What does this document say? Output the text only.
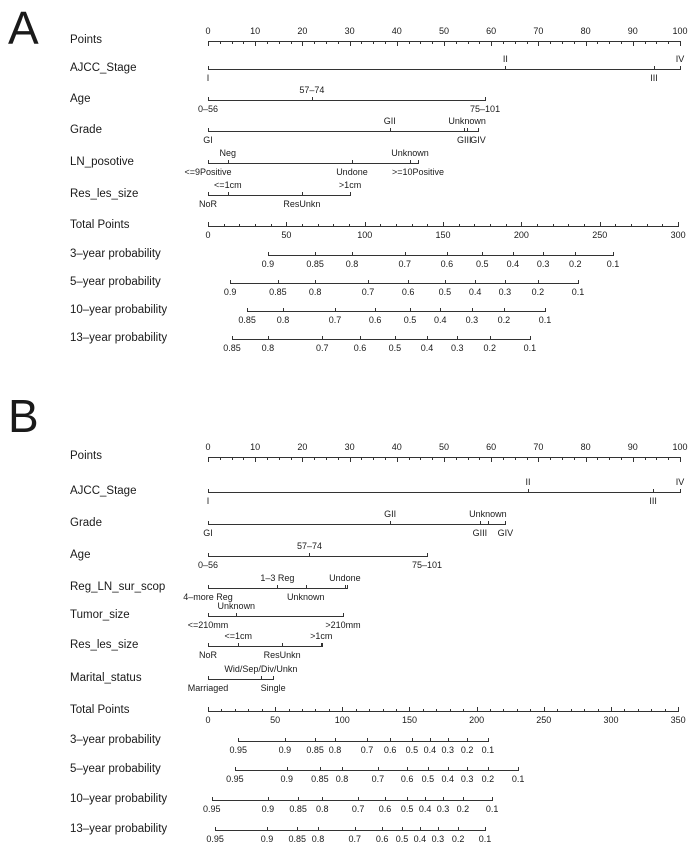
A
B
Points
0	10	20	30	40	50	60	70	80	90	100
AJCC_Stage
I
II
III
IV
Age
0–56
57–74
75–101
Grade
GI
GII	Unknown
GIII
GIV
LN_posotive
<=9Positive
Neg
Undone
Unknown
>=10Positive
Res_les_size
NoR
<=1cm
ResUnkn
>1cm
Total Points
0	50	100	150	200	250	300
3–year probability
0.9	0.85 0.8	0.7	0.6	0.5 0.4 0.3 0.2	0.1
5–year probability
0.9	0.85 0.8	0.7	0.6	0.5 0.4 0.3 0.2	0.1
10–year probability
0.85 0.8	0.7	0.6 0.5 0.4 0.3 0.2	0.1
13–year probability
0.85 0.8	0.7	0.6 0.5 0.4 0.3 0.2	0.1
Points
0	10	20	30	40	50	60	70	80	90	100
AJCC_Stage
I
II
III
IV
Grade
GI
GII	Unknown
GIII GIV
Age
0–56
57–74
75–101
Reg_LN_sur_scop
4–more Reg
1–3 Reg
Unknown
Undone
Tumor_size
<=210mm
Unknown
>210mm
Res_les_size
NoR
<=1cm
ResUnkn
>1cm
Marital_status
Marriaged
Wid/Sep/Div/Unkn
Single
Total Points
0	50	100	150	200	250	300	350
3–year probability
0.95	0.9 0.85 0.8 0.7 0.6 0.5 0.4 0.3 0.2 0.1
5–year probability
0.95	0.9 0.85 0.8	0.7 0.6 0.5 0.4 0.3 0.2 0.1
10–year probability
0.95	0.9 0.85 0.8	0.7 0.6 0.5 0.4 0.3 0.2 0.1
13–year probability
0.95	0.9 0.85 0.8	0.7 0.6 0.5 0.4 0.3 0.2 0.1
